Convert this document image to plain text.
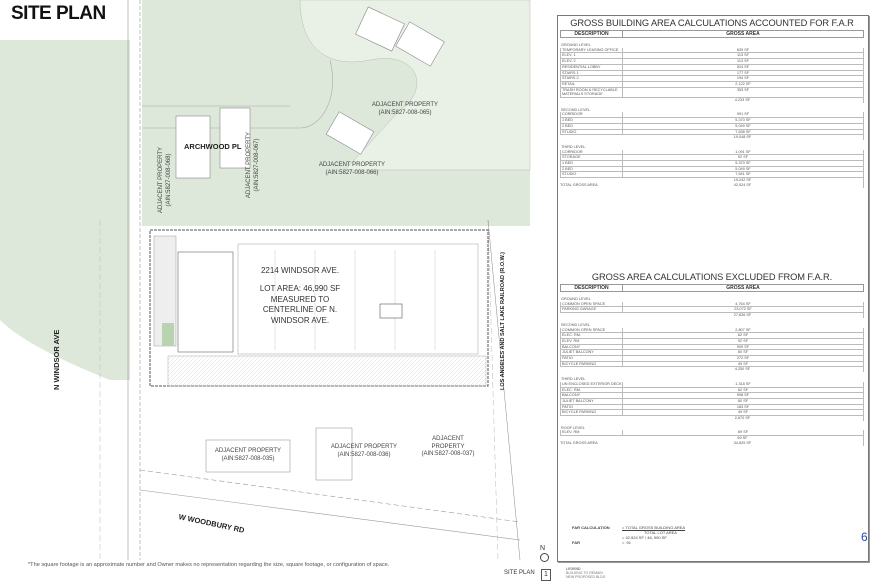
SITE PLAN
ARCHWOOD PL
N WINDSOR AVE
W WOODBURY RD
LOS ANGELES AND SALT LAKE RAILROAD (R.O.W.)
ADJACENT PROPERTY
(AIN:5827-008-065)
ADJACENT PROPERTY (AIN:5827-008-067)
ADJACENT PROPERTY (AIN:5827-008-068)	ADJACENT PROPERTY
(AIN:5827-008-066)
ADJACENT PROPERTY
(AIN:5827-008-035)
ADJACENT PROPERTY
(AIN:5827-008-036)
ADJACENT PROPERTY
(AIN:5827-008-037)
2214 WINDSOR AVE.
LOT AREA: 46,990 SF MEASURED TO CENTERLINE OF N. WINDSOR AVE.
*The square footage is an approximate number and Owner makes no representation regarding the size, square footage, or configuration of space.
N
SITE PLAN	1
GROSS BUILDING AREA CALCULATIONS ACCOUNTED FOR F.A.R
DESCRIPTION	GROSS AREA
GROUND LEVEL
TEMPORARY LEASING OFFICE	639 SF
ELEV. 1	113 SF
ELEV. 2	113 SF
RESIDENTIAL LOBBY	524 SF
STAIRS 1	177 SF
STAIRS 2	194 SF
RETAIL	2,122 SF
TRASH ROOM & RECYCLABLE MATERIALS STORAGE
353 SF
4,233 SF
SECOND LEVEL
CORRIDOR	991 SF
1 BED	5,370 SF
2 BED	5,049 SF
STUDIO	7,638 SF
19,048 SF
THIRD LEVEL
CORRIDOR	1,091 SF
STORAGE	92 SF
1 BED	5,370 SF
2 BED	5,049 SF
STUDIO	7,641 SF
19,242 SF
TOTAL GROSS AREA	42,524 SF
GROSS AREA CALCULATIONS EXCLUDED FROM F.A.R.
DESCRIPTION	GROSS AREA
GROUND LEVEL
COMMON OPEN SPACE	4,764 SF
PARKING GARAGE	23,072 SF
27,836 SF
SECOND LEVEL
COMMON OPEN SPACE	2,807 SF
ELEC. RM.	62 SF
ELEV. RM	92 SF
BALCONY	909 SF
JULIET BALCONY	60 SF
PATIO	272 SF
BICYCLE PARKING	49 SF
4,250 SF
THIRD LEVEL
UN ENCLOSED EXTERIOR DECK	1,318 SF
ELEC. RM.	62 SF
BALCONY	998 SF
JULIET BALCONY	60 SF
PATIO	183 SF
BICYCLE PARKING	49 SF
2,670 SF
ROOF LEVEL
ELEV. RM	69 SF
69 SF
TOTAL GROSS AREA	34,825 SF
FAR CALCULATION	= TOTAL GROSS BUILDING AREA
TOTAL LOT AREA
= 42,524 SF / 46, 990 SF
FAR	= .91	6
LEGEND
BUILDING TO REMAIN
NEW PROPOSED BLDG
